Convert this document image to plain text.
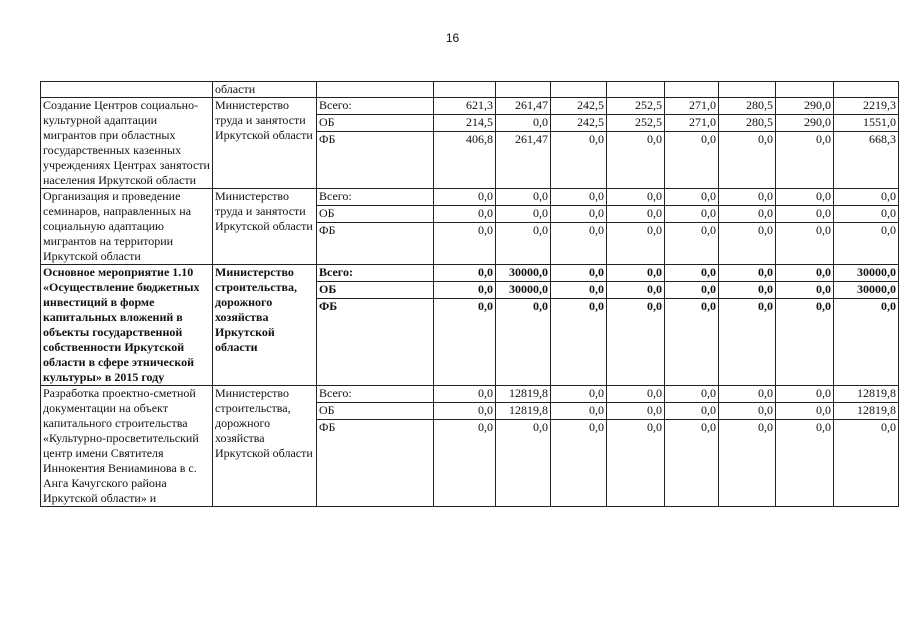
16
	области									
Создание Центров социально-культурной адаптации мигрантов при областных государственных казенных учреждениях Центрах занятости населения Иркутской области	Министерство труда и занятости Иркутской области	Всего:	621,3	261,47	242,5	252,5	271,0	280,5	290,0	2219,3
		ОБ	214,5	0,0	242,5	252,5	271,0	280,5	290,0	1551,0
		ФБ	406,8	261,47	0,0	0,0	0,0	0,0	0,0	668,3
Организация и проведение семинаров, направленных на социальную адаптацию мигрантов на территории Иркутской области	Министерство труда и занятости Иркутской области	Всего:	0,0	0,0	0,0	0,0	0,0	0,0	0,0	0,0
		ОБ	0,0	0,0	0,0	0,0	0,0	0,0	0,0	0,0
		ФБ	0,0	0,0	0,0	0,0	0,0	0,0	0,0	0,0
Основное мероприятие 1.10 «Осуществление бюджетных инвестиций в форме капитальных вложений в объекты государственной собственности Иркутской области в сфере этнической культуры» в 2015 году	Министерство строительства, дорожного хозяйства Иркутской области	Всего:	0,0	30000,0	0,0	0,0	0,0	0,0	0,0	30000,0
		ОБ	0,0	30000,0	0,0	0,0	0,0	0,0	0,0	30000,0
		ФБ	0,0	0,0	0,0	0,0	0,0	0,0	0,0	0,0
Разработка проектно-сметной документации на объект капитального строительства «Культурно-просветительский центр имени Святителя Иннокентия Вениаминова в с. Анга Качугского района Иркутской области» и	Министерство строительства, дорожного хозяйства Иркутской области	Всего:	0,0	12819,8	0,0	0,0	0,0	0,0	0,0	12819,8
		ОБ	0,0	12819,8	0,0	0,0	0,0	0,0	0,0	12819,8
		ФБ	0,0	0,0	0,0	0,0	0,0	0,0	0,0	0,0
